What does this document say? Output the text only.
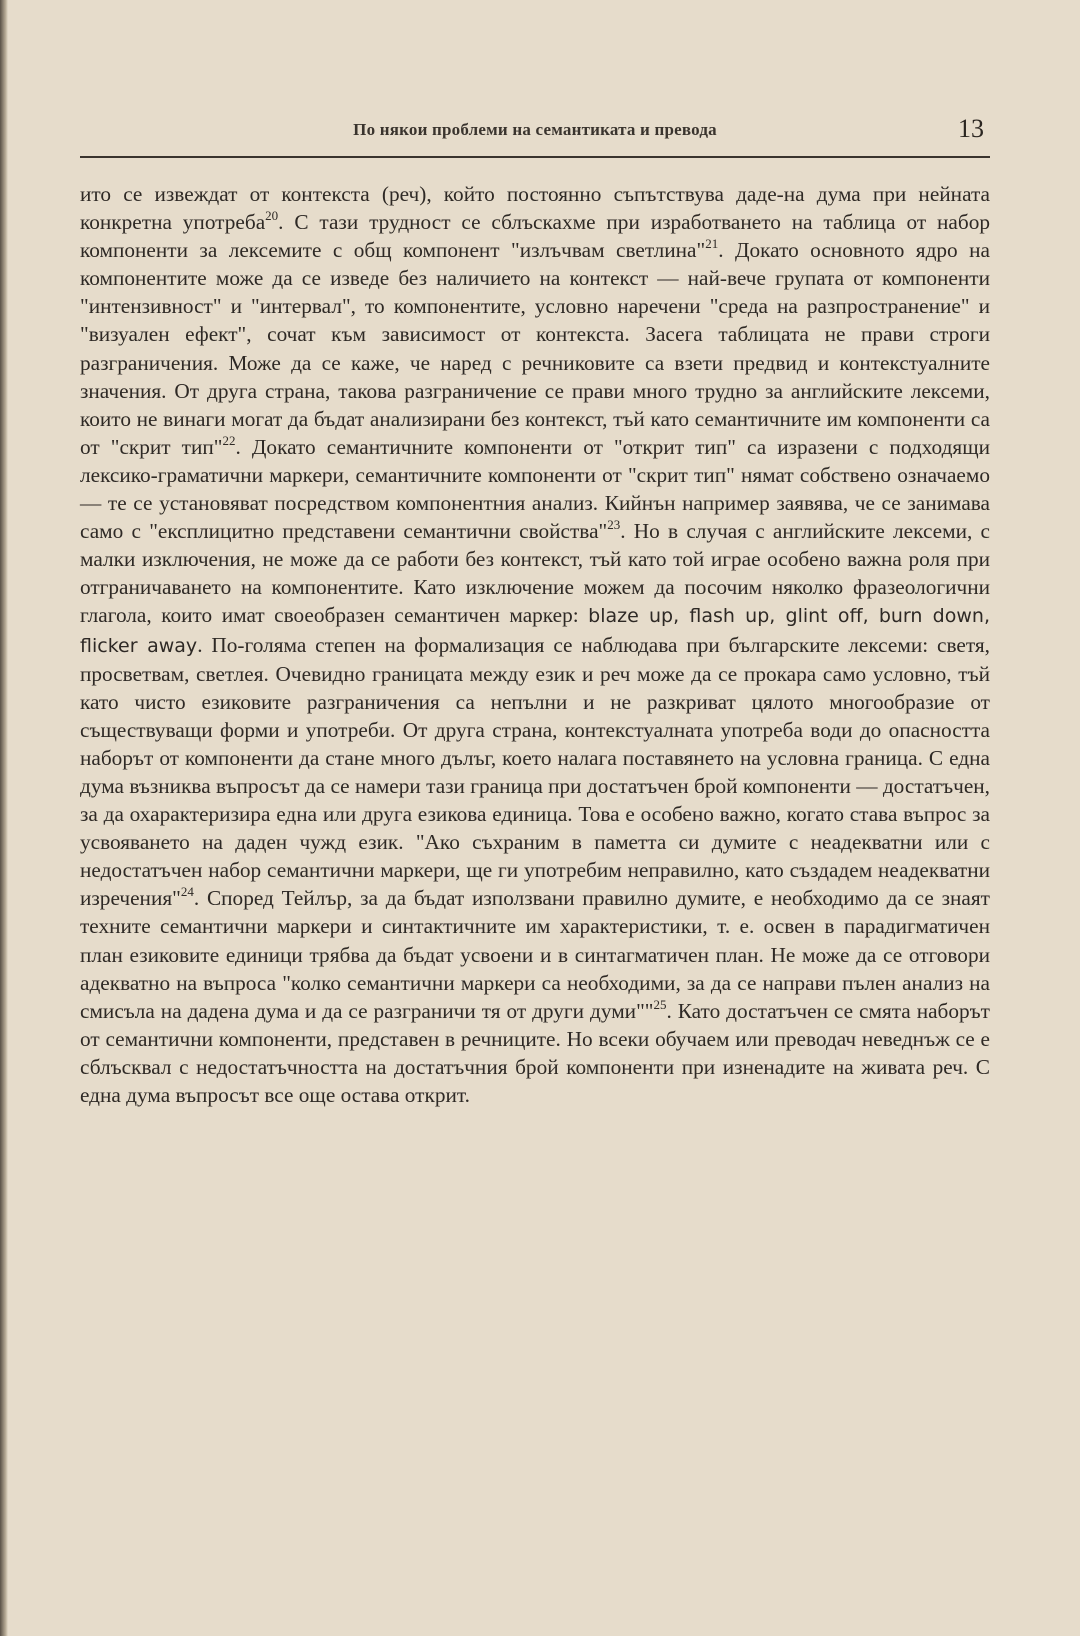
По някои проблеми на семантиката и превода	13

ито се извеждат от контекста (реч), който постоянно съпътствува даде-на дума при нейната конкретна употреба$^{20}$. С тази трудност се сблъскахме при изработването на таблица от набор компоненти за лексемите с общ компонент "излъчвам светлина"$^{21}$. Докато основното ядро на компонентите може да се изведе без наличието на контекст — най-вече групата от компоненти "интензивност" и "интервал", то компонентите, условно наречени "среда на разпространение" и "визуален ефект", сочат към зависимост от контекста. Засега таблицата не прави строги разграничения. Може да се каже, че наред с речниковите са взети предвид и контекстуалните значения. От друга страна, такова разграничение се прави много трудно за английските лексеми, които не винаги могат да бъдат анализирани без контекст, тъй като семантичните им компоненти са от "скрит тип"$^{22}$. Докато семантичните компоненти от "открит тип" са изразени с подходящи лексико-граматични маркери, семантичните компоненти от "скрит тип" нямат собствено означаемо — те се установяват посредством компонентния анализ. Кийнън например заявява, че се занимава само с "експлицитно представени семантични свойства"$^{23}$. Но в случая с английските лексеми, с малки изключения, не може да се работи без контекст, тъй като той играе особено важна роля при отграничаването на компонентите. Като изключение можем да посочим няколко фразеологични глагола, които имат своеобразен семантичен маркер: blaze up, flash up, glint off, burn down, flicker away. По-голяма степен на формализация се наблюдава при българските лексеми: светя, просветвам, светлея. Очевидно границата между език и реч може да се прокара само условно, тъй като чисто езиковите разграничения са непълни и не разкриват цялото многообразие от съществуващи форми и употреби. От друга страна, контекстуалната употреба води до опасността наборът от компоненти да стане много дълъг, което налага поставянето на условна граница. С една дума възниква въпросът да се намери тази граница при достатъчен брой компоненти — достатъчен, за да охарактеризира една или друга езикова единица. Това е особено важно, когато става въпрос за усвояването на даден чужд език. "Ако съхраним в паметта си думите с неадекватни или с недостатъчен набор семантични маркери, ще ги употребим неправилно, като създадем неадекватни изречения"$^{24}$. Според Тейлър, за да бъдат използвани правилно думите, е необходимо да се знаят техните семантични маркери и синтактичните им характеристики, т. е. освен в парадигматичен план езиковите единици трябва да бъдат усвоени и в синтагматичен план. Не може да се отговори адекватно на въпроса "колко семантични маркери са необходими, за да се направи пълен анализ на смисъла на дадена дума и да се разграничи тя от други думи""$^{25}$. Като достатъчен се смята наборът от семантични компоненти, представен в речниците. Но всеки обучаем или преводач неведнъж се е сблъсквал с недостатъчността на достатъчния брой компоненти при изненадите на живата реч. С една дума въпросът все още остава открит.
